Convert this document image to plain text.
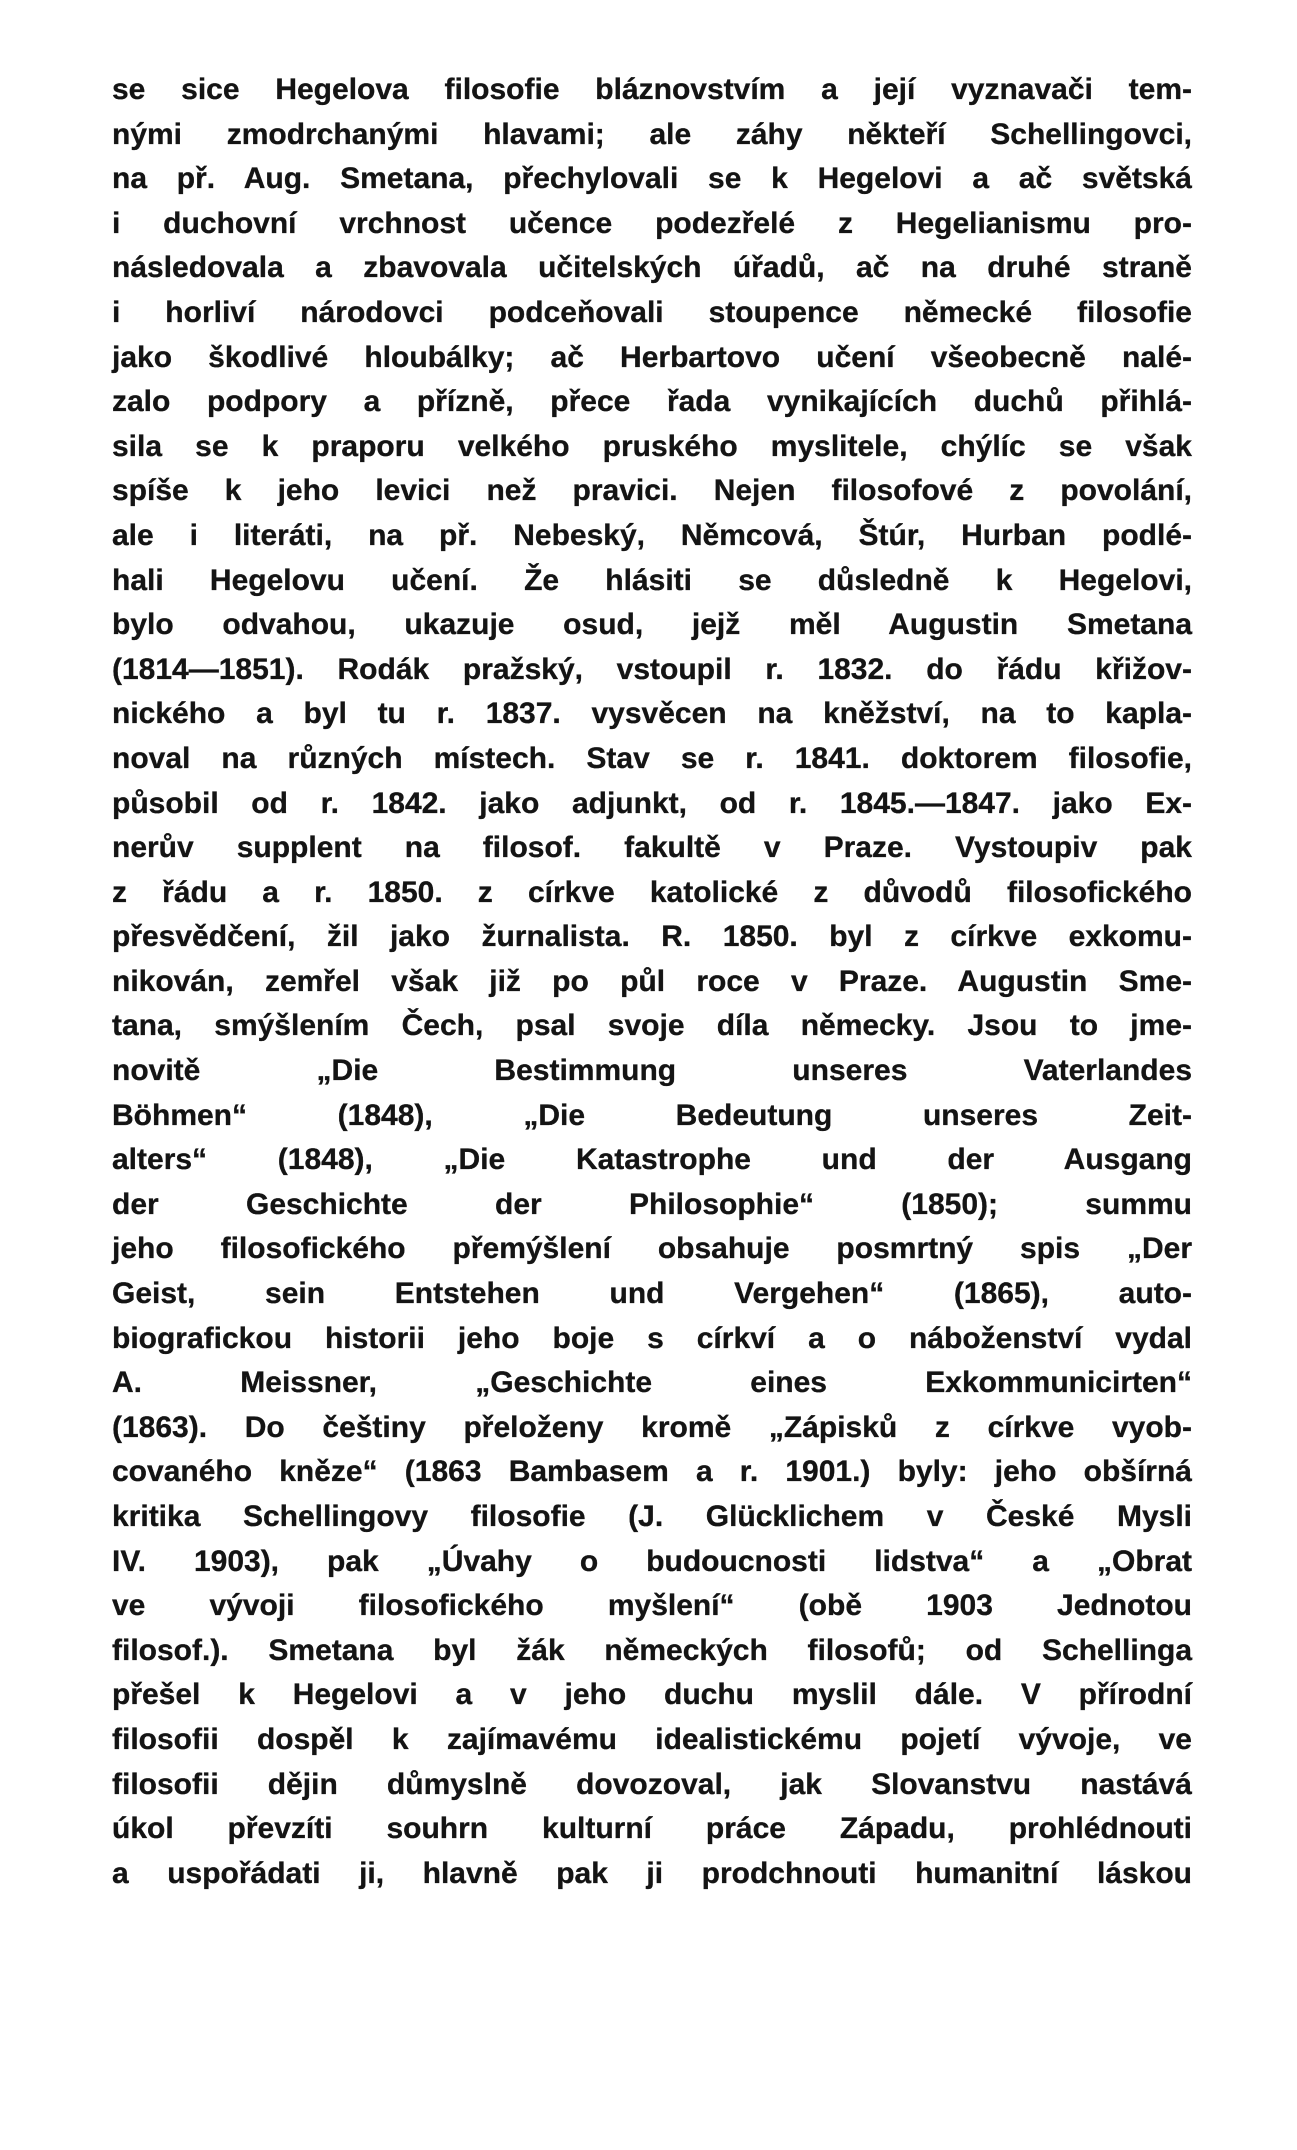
se sice Hegelova filosofie bláznovstvím a její vyznavači tem-
nými zmodrchanými hlavami; ale záhy někteří Schellingovci,
na př. Aug. Smetana, přechylovali se k Hegelovi a ač světská
i duchovní vrchnost učence podezřelé z Hegelianismu pro-
následovala a zbavovala učitelských úřadů, ač na druhé straně
i horliví národovci podceňovali stoupence německé filosofie
jako škodlivé hloubálky; ač Herbartovo učení všeobecně nalé-
zalo podpory a přízně, přece řada vynikajících duchů přihlá-
sila se k praporu velkého pruského myslitele, chýlíc se však
spíše k jeho levici než pravici. Nejen filosofové z povolání,
ale i literáti, na př. Nebeský, Němcová, Štúr, Hurban podlé-
hali Hegelovu učení. Že hlásiti se důsledně k Hegelovi,
bylo odvahou, ukazuje osud, jejž měl Augustin Smetana
(1814—1851). Rodák pražský, vstoupil r. 1832. do řádu křižov-
nického a byl tu r. 1837. vysvěcen na kněžství, na to kapla-
noval na různých místech. Stav se r. 1841. doktorem filosofie,
působil od r. 1842. jako adjunkt, od r. 1845.—1847. jako Ex-
nerův supplent na filosof. fakultě v Praze. Vystoupiv pak
z řádu a r. 1850. z církve katolické z důvodů filosofického
přesvědčení, žil jako žurnalista. R. 1850. byl z církve exkomu-
nikován, zemřel však již po půl roce v Praze. Augustin Sme-
tana, smýšlením Čech, psal svoje díla německy. Jsou to jme-
novitě „Die Bestimmung unseres Vaterlandes
Böhmen“ (1848), „Die Bedeutung unseres Zeit-
alters“ (1848), „Die Katastrophe und der Ausgang
der Geschichte der Philosophie“ (1850); summu
jeho filosofického přemýšlení obsahuje posmrtný spis „Der
Geist, sein Entstehen und Vergehen“ (1865), auto-
biografickou historii jeho boje s církví a o náboženství vydal
A. Meissner, „Geschichte eines Exkommunicirten“
(1863). Do češtiny přeloženy kromě „Zápisků z církve vyob-
covaného kněze“ (1863 Bambasem a r. 1901.) byly: jeho obšírná
kritika Schellingovy filosofie (J. Glücklichem v České Mysli
IV. 1903), pak „Úvahy o budoucnosti lidstva“ a „Obrat
ve vývoji filosofického myšlení“ (obě 1903 Jednotou
filosof.). Smetana byl žák německých filosofů; od Schellinga
přešel k Hegelovi a v jeho duchu myslil dále. V přírodní
filosofii dospěl k zajímavému idealistickému pojetí vývoje, ve
filosofii dějin důmyslně dovozoval, jak Slovanstvu nastává
úkol převzíti souhrn kulturní práce Západu, prohlédnouti
a uspořádati ji, hlavně pak ji prodchnouti humanitní láskou
